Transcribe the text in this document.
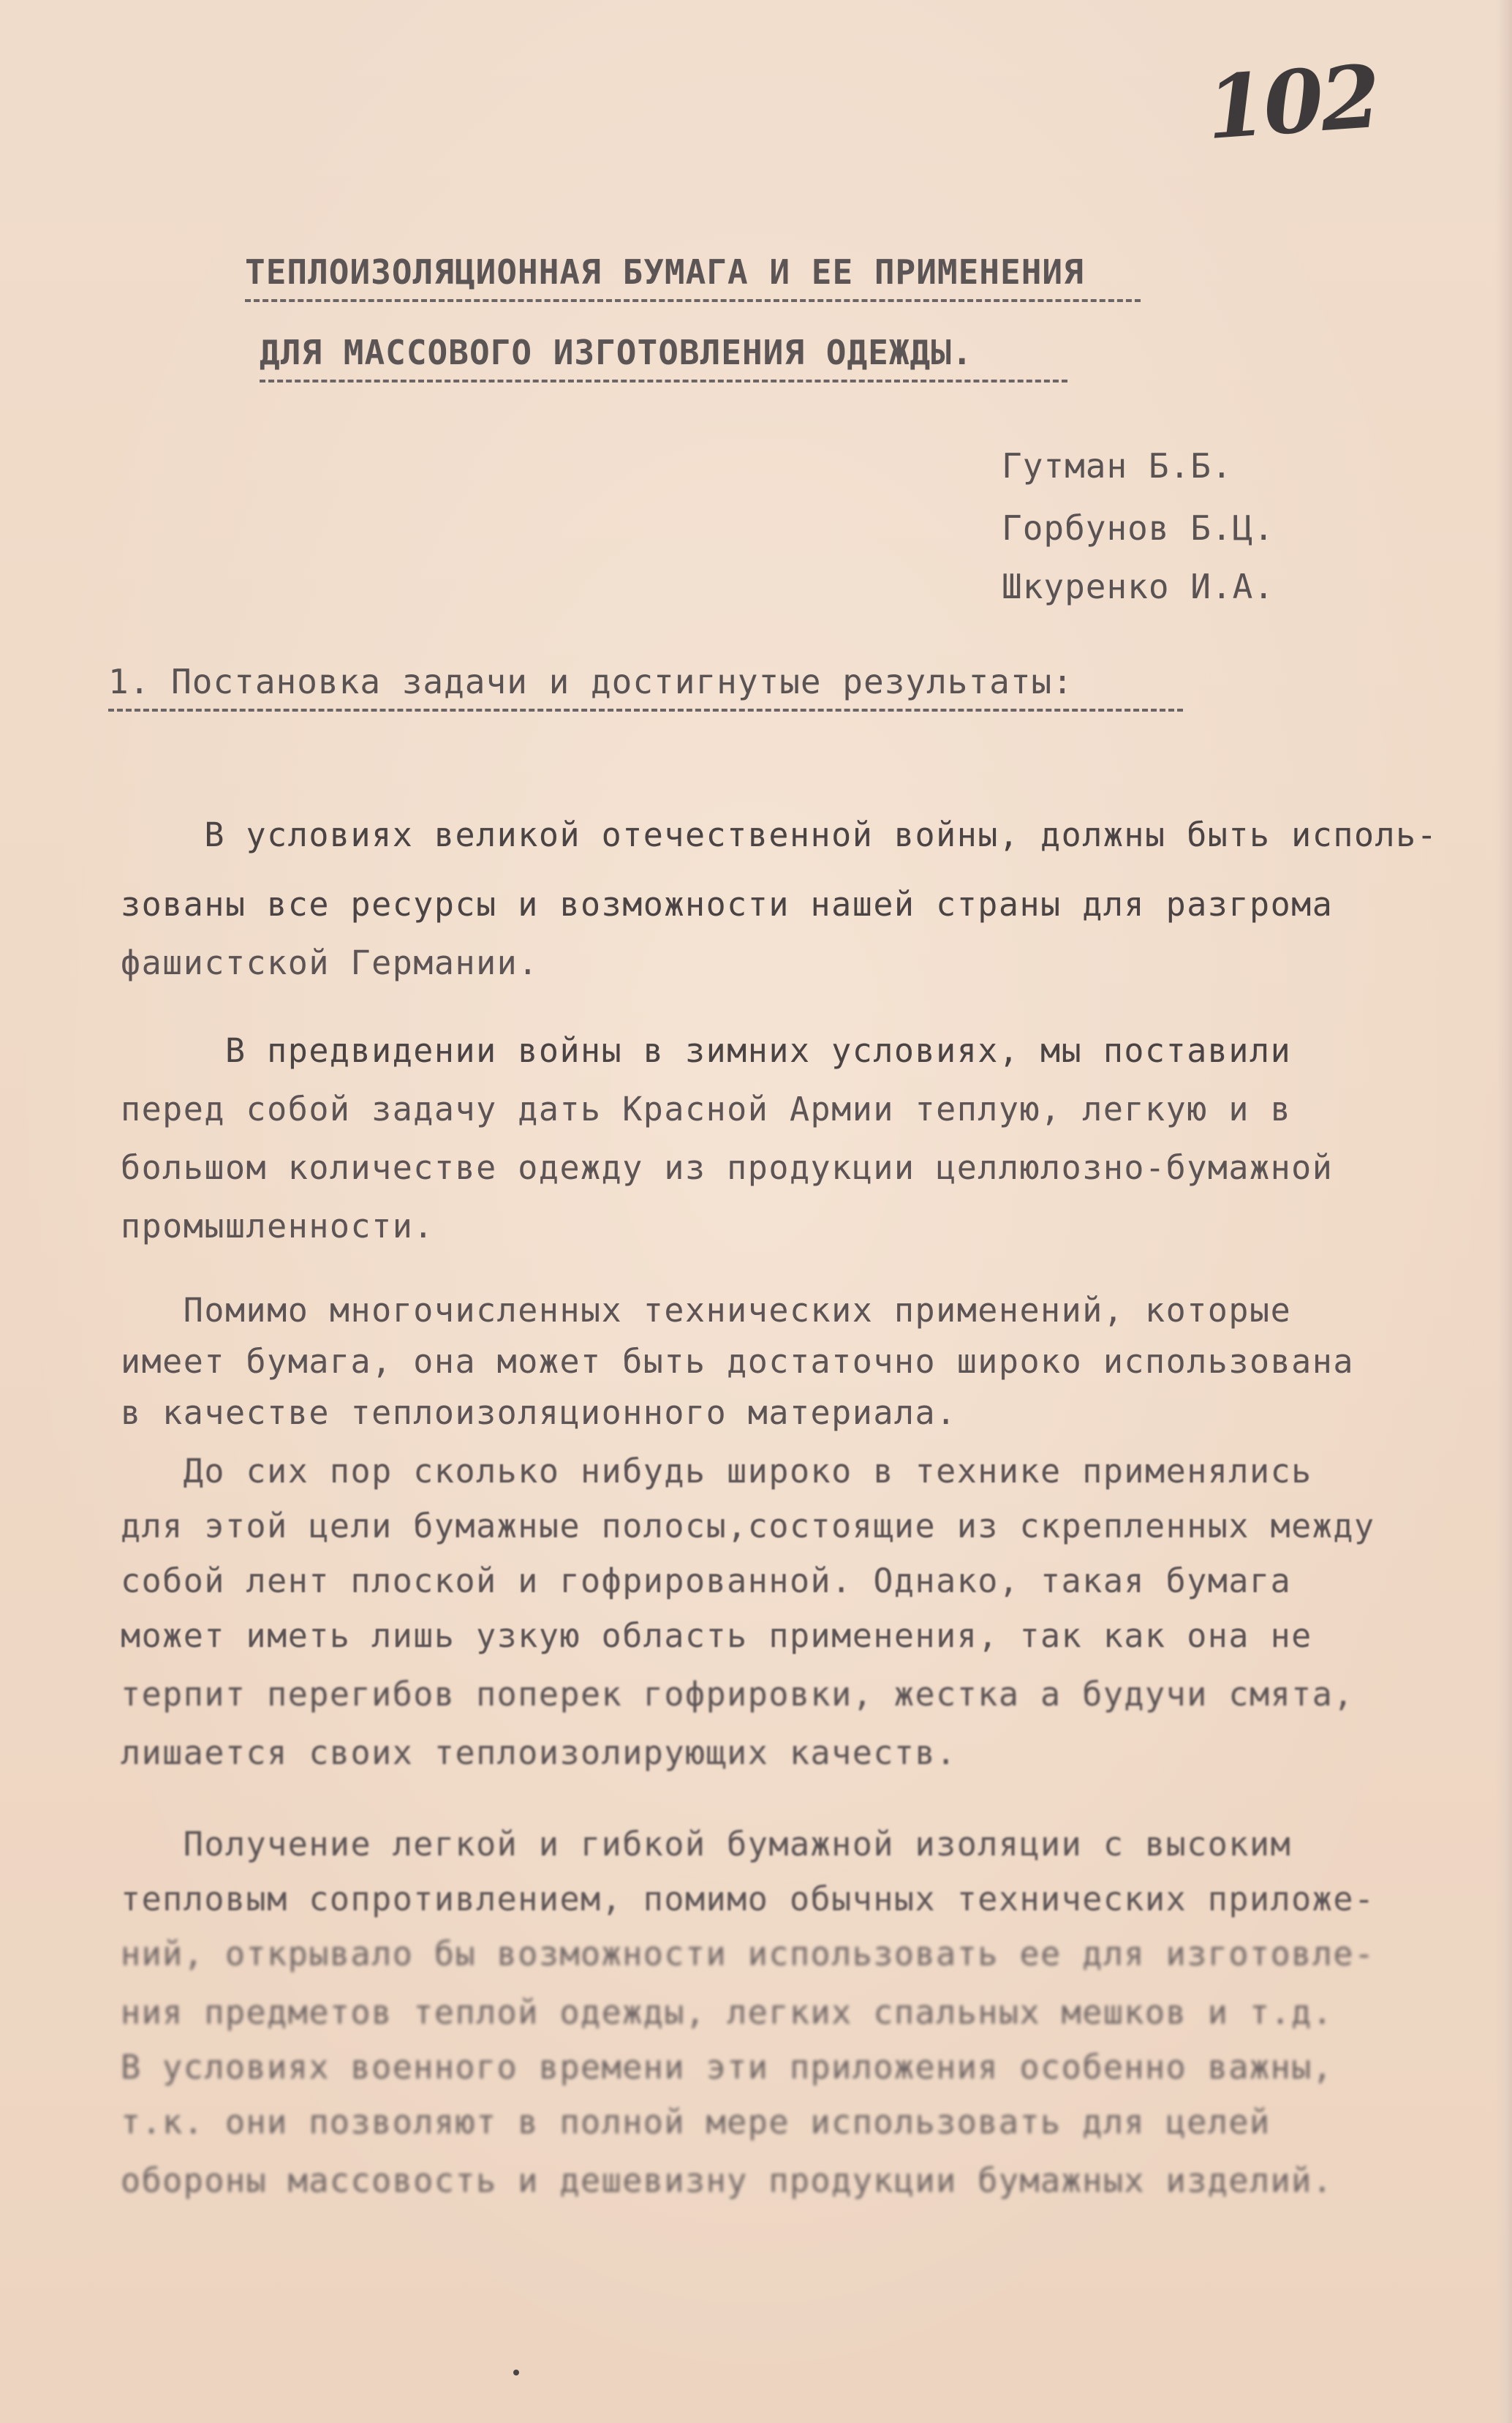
102
ТЕПЛОИЗОЛЯЦИОННАЯ БУМАГА И ЕЕ ПРИМЕНЕНИЯ
ДЛЯ МАССОВОГО ИЗГОТОВЛЕНИЯ ОДЕЖДЫ.
Гутман Б.Б.
Горбунов Б.Ц.
Шкуренко И.А.
1. Постановка задачи и достигнутые результаты:
В условиях великой отечественной войны, должны быть исполь-
зованы все ресурсы и возможности нашей страны для разгрома
фашистской Германии.
В предвидении войны в зимних условиях, мы поставили
перед собой задачу дать Красной Армии теплую, легкую и в
большом количестве одежду из продукции целлюлозно-бумажной
промышленности.
Помимо многочисленных технических применений, которые
имеет бумага, она может быть достаточно широко использована
в качестве теплоизоляционного материала.
До сих пор сколько нибудь широко в технике применялись
для этой цели бумажные полосы,состоящие из скрепленных между
собой лент плоской и гофрированной. Однако, такая бумага
может иметь лишь узкую область применения, так как она не
терпит перегибов поперек гофрировки, жестка а будучи смята,
лишается своих теплоизолирующих качеств.
Получение легкой и гибкой бумажной изоляции с высоким
тепловым сопротивлением, помимо обычных технических приложе-
ний, открывало бы возможности использовать ее для изготовле-
ния предметов теплой одежды, легких спальных мешков и т.д.
В условиях военного времени эти приложения особенно важны,
т.к. они позволяют в полной мере использовать для целей
обороны массовость и дешевизну продукции бумажных изделий.
